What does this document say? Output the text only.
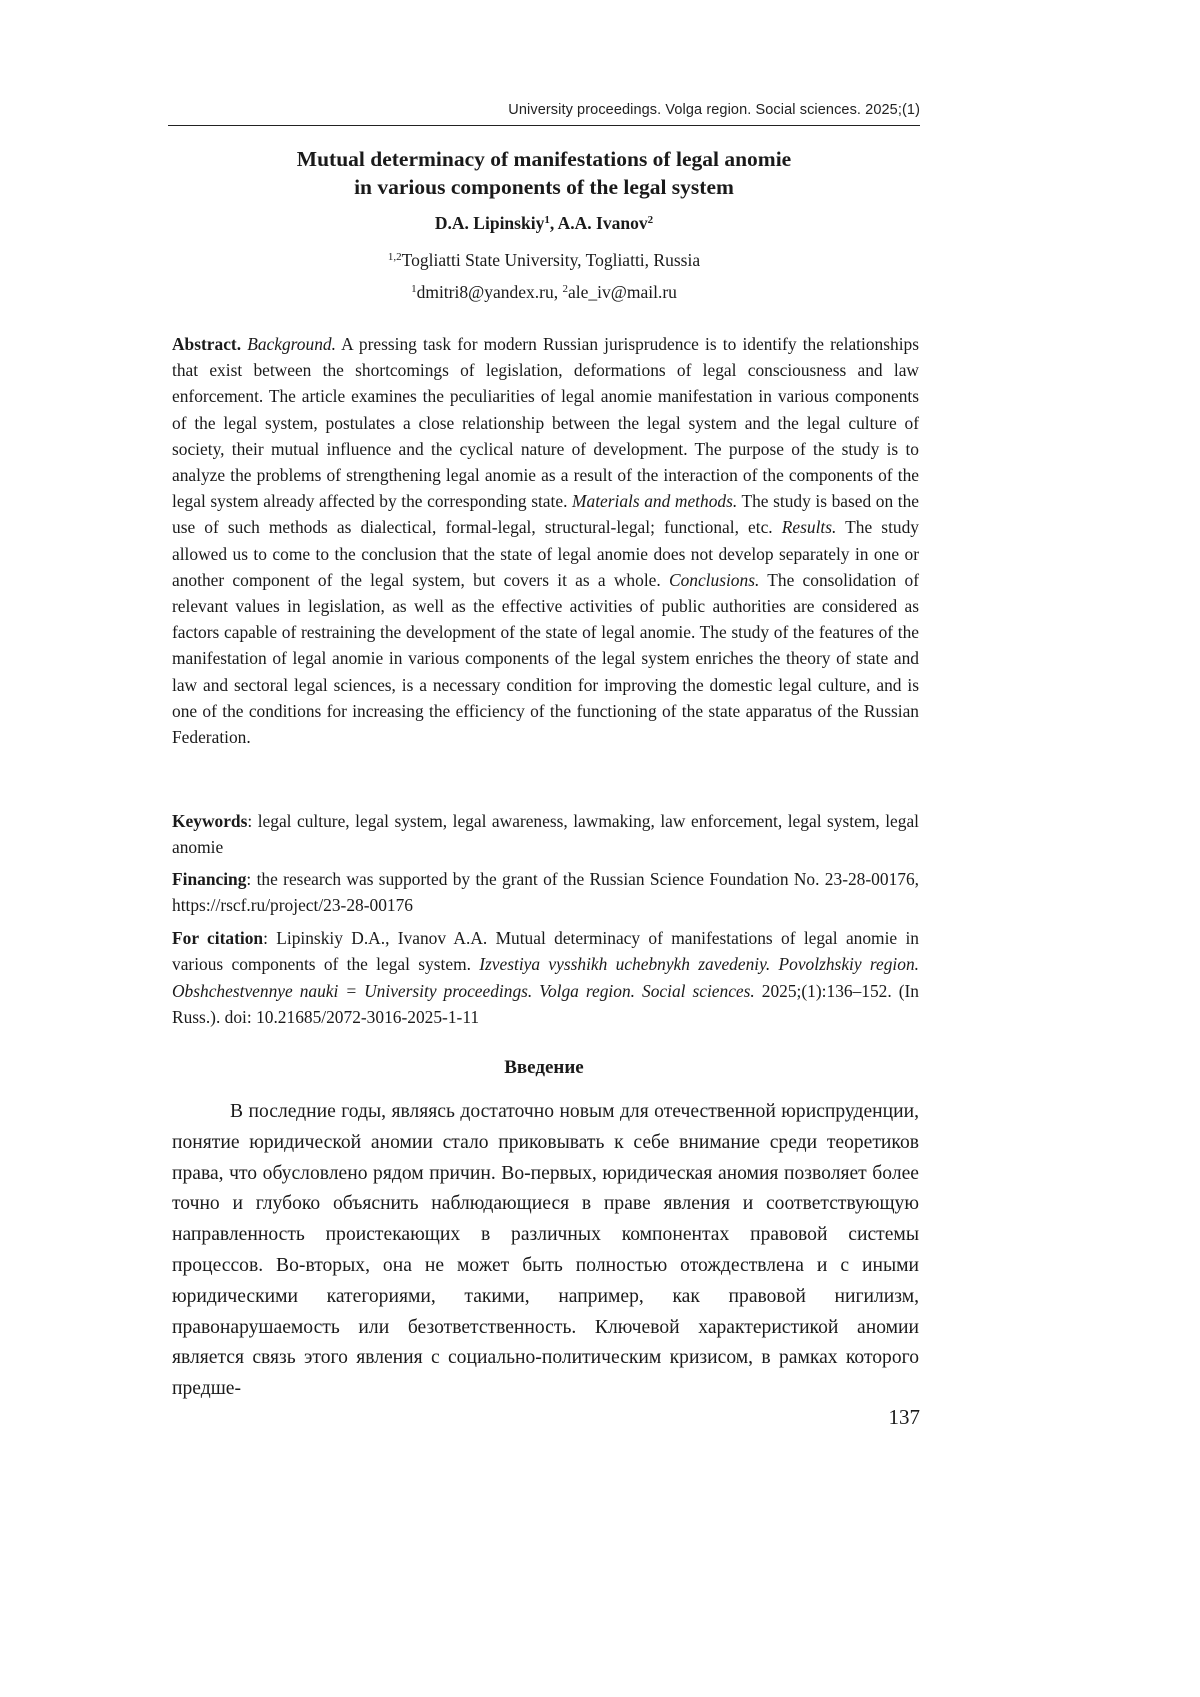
University proceedings. Volga region. Social sciences. 2025;(1)
Mutual determinacy of manifestations of legal anomie
in various components of the legal system
D.A. Lipinskiy$^1$, A.A. Ivanov$^2$
$^{1,2}$Togliatti State University, Togliatti, Russia
$^1$dmitri8@yandex.ru, $^2$ale_iv@mail.ru

Abstract. Background. A pressing task for modern Russian jurisprudence is to identify the relationships that exist between the shortcomings of legislation, deformations of legal consciousness and law enforcement. The article examines the peculiarities of legal anomie manifestation in various components of the legal system, postulates a close relationship between the legal system and the legal culture of society, their mutual influence and the cyclical nature of development. The purpose of the study is to analyze the problems of strengthening legal anomie as a result of the interaction of the components of the legal system already affected by the corresponding state. Materials and methods. The study is based on the use of such methods as dialectical, formal-legal, structural-legal; functional, etc. Results. The study allowed us to come to the conclusion that the state of legal anomie does not develop separately in one or another component of the legal system, but covers it as a whole. Conclusions. The consolidation of relevant values in legislation, as well as the effective activities of public authorities are considered as factors capable of restraining the development of the state of legal anomie. The study of the features of the manifestation of legal anomie in various components of the legal system enriches the theory of state and law and sectoral legal sciences, is a necessary condition for improving the domestic legal culture, and is one of the conditions for increasing the efficiency of the functioning of the state apparatus of the Russian Federation.

Keywords: legal culture, legal system, legal awareness, lawmaking, law enforcement, legal system, legal anomie

Financing: the research was supported by the grant of the Russian Science Foundation No. 23-28-00176, https://rscf.ru/project/23-28-00176

For citation: Lipinskiy D.A., Ivanov A.A. Mutual determinacy of manifestations of legal anomie in various components of the legal system. Izvestiya vysshikh uchebnykh zavedeniy. Povolzhskiy region. Obshchestvennye nauki = University proceedings. Volga region. Social sciences. 2025;(1):136–152. (In Russ.). doi: 10.21685/2072-3016-2025-1-11

Введение

В последние годы, являясь достаточно новым для отечественной юриспруденции, понятие юридической аномии стало приковывать к себе внимание среди теоретиков права, что обусловлено рядом причин. Во-первых, юридическая аномия позволяет более точно и глубоко объяснить наблюдающиеся в праве явления и соответствующую направленность проистекающих в различных компонентах правовой системы процессов. Во-вторых, она не может быть полностью отождествлена и с иными юридическими категориями, такими, например, как правовой нигилизм, правонарушаемость или безответственность. Ключевой характеристикой аномии является связь этого явления с социально-политическим кризисом, в рамках которого предше-

137
